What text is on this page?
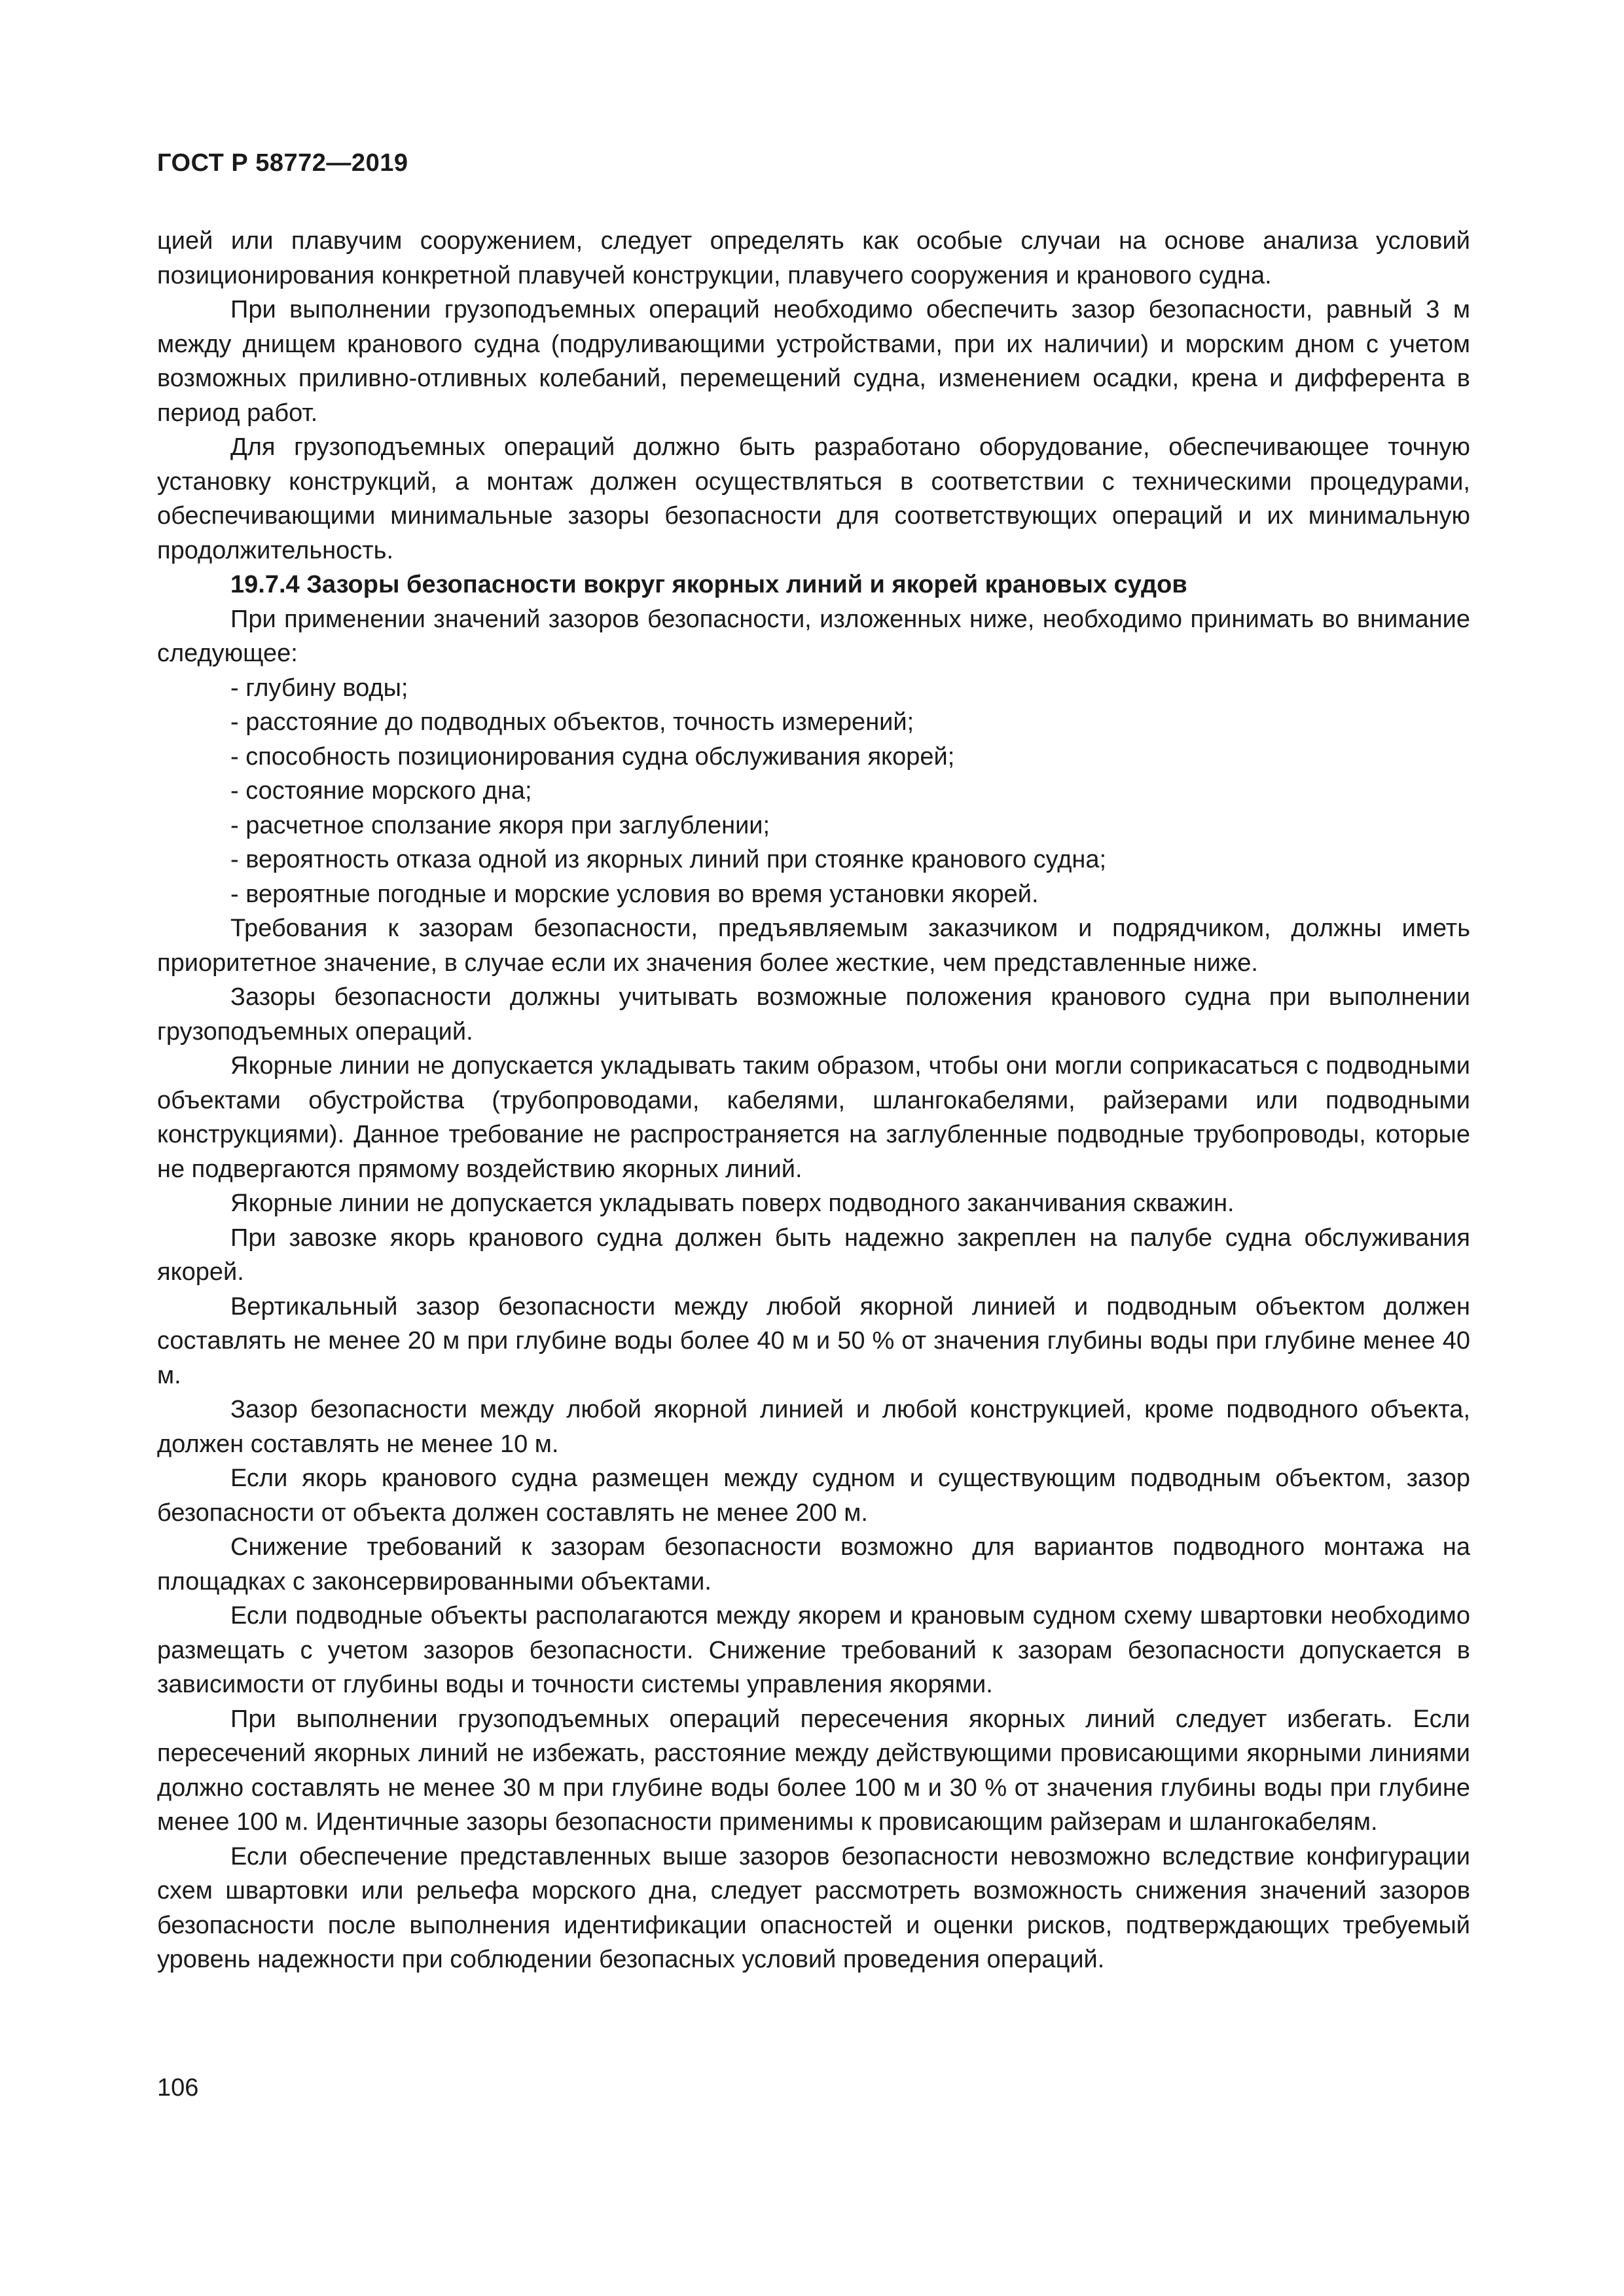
ГОСТ Р 58772—2019

цией или плавучим сооружением, следует определять как особые случаи на основе анализа условий позиционирования конкретной плавучей конструкции, плавучего сооружения и кранового судна.

При выполнении грузоподъемных операций необходимо обеспечить зазор безопасности, равный 3 м между днищем кранового судна (подруливающими устройствами, при их наличии) и морским дном с учетом возможных приливно-отливных колебаний, перемещений судна, изменением осадки, крена и дифферента в период работ.

Для грузоподъемных операций должно быть разработано оборудование, обеспечивающее точную установку конструкций, а монтаж должен осуществляться в соответствии с техническими процедурами, обеспечивающими минимальные зазоры безопасности для соответствующих операций и их минимальную продолжительность.

19.7.4 Зазоры безопасности вокруг якорных линий и якорей крановых судов

При применении значений зазоров безопасности, изложенных ниже, необходимо принимать во внимание следующее:

- глубину воды;
- расстояние до подводных объектов, точность измерений;
- способность позиционирования судна обслуживания якорей;
- состояние морского дна;
- расчетное сползание якоря при заглублении;
- вероятность отказа одной из якорных линий при стоянке кранового судна;
- вероятные погодные и морские условия во время установки якорей.

Требования к зазорам безопасности, предъявляемым заказчиком и подрядчиком, должны иметь приоритетное значение, в случае если их значения более жесткие, чем представленные ниже.

Зазоры безопасности должны учитывать возможные положения кранового судна при выполнении грузоподъемных операций.

Якорные линии не допускается укладывать таким образом, чтобы они могли соприкасаться с подводными объектами обустройства (трубопроводами, кабелями, шлангокабелями, райзерами или подводными конструкциями). Данное требование не распространяется на заглубленные подводные трубопроводы, которые не подвергаются прямому воздействию якорных линий.

Якорные линии не допускается укладывать поверх подводного заканчивания скважин.

При завозке якорь кранового судна должен быть надежно закреплен на палубе судна обслуживания якорей.

Вертикальный зазор безопасности между любой якорной линией и подводным объектом должен составлять не менее 20 м при глубине воды более 40 м и 50 % от значения глубины воды при глубине менее 40 м.

Зазор безопасности между любой якорной линией и любой конструкцией, кроме подводного объекта, должен составлять не менее 10 м.

Если якорь кранового судна размещен между судном и существующим подводным объектом, зазор безопасности от объекта должен составлять не менее 200 м.

Снижение требований к зазорам безопасности возможно для вариантов подводного монтажа на площадках с законсервированными объектами.

Если подводные объекты располагаются между якорем и крановым судном схему швартовки необходимо размещать с учетом зазоров безопасности. Снижение требований к зазорам безопасности допускается в зависимости от глубины воды и точности системы управления якорями.

При выполнении грузоподъемных операций пересечения якорных линий следует избегать. Если пересечений якорных линий не избежать, расстояние между действующими провисающими якорными линиями должно составлять не менее 30 м при глубине воды более 100 м и 30 % от значения глубины воды при глубине менее 100 м. Идентичные зазоры безопасности применимы к провисающим райзерам и шлангокабелям.

Если обеспечение представленных выше зазоров безопасности невозможно вследствие конфигурации схем швартовки или рельефа морского дна, следует рассмотреть возможность снижения значений зазоров безопасности после выполнения идентификации опасностей и оценки рисков, подтверждающих требуемый уровень надежности при соблюдении безопасных условий проведения операций.

106
